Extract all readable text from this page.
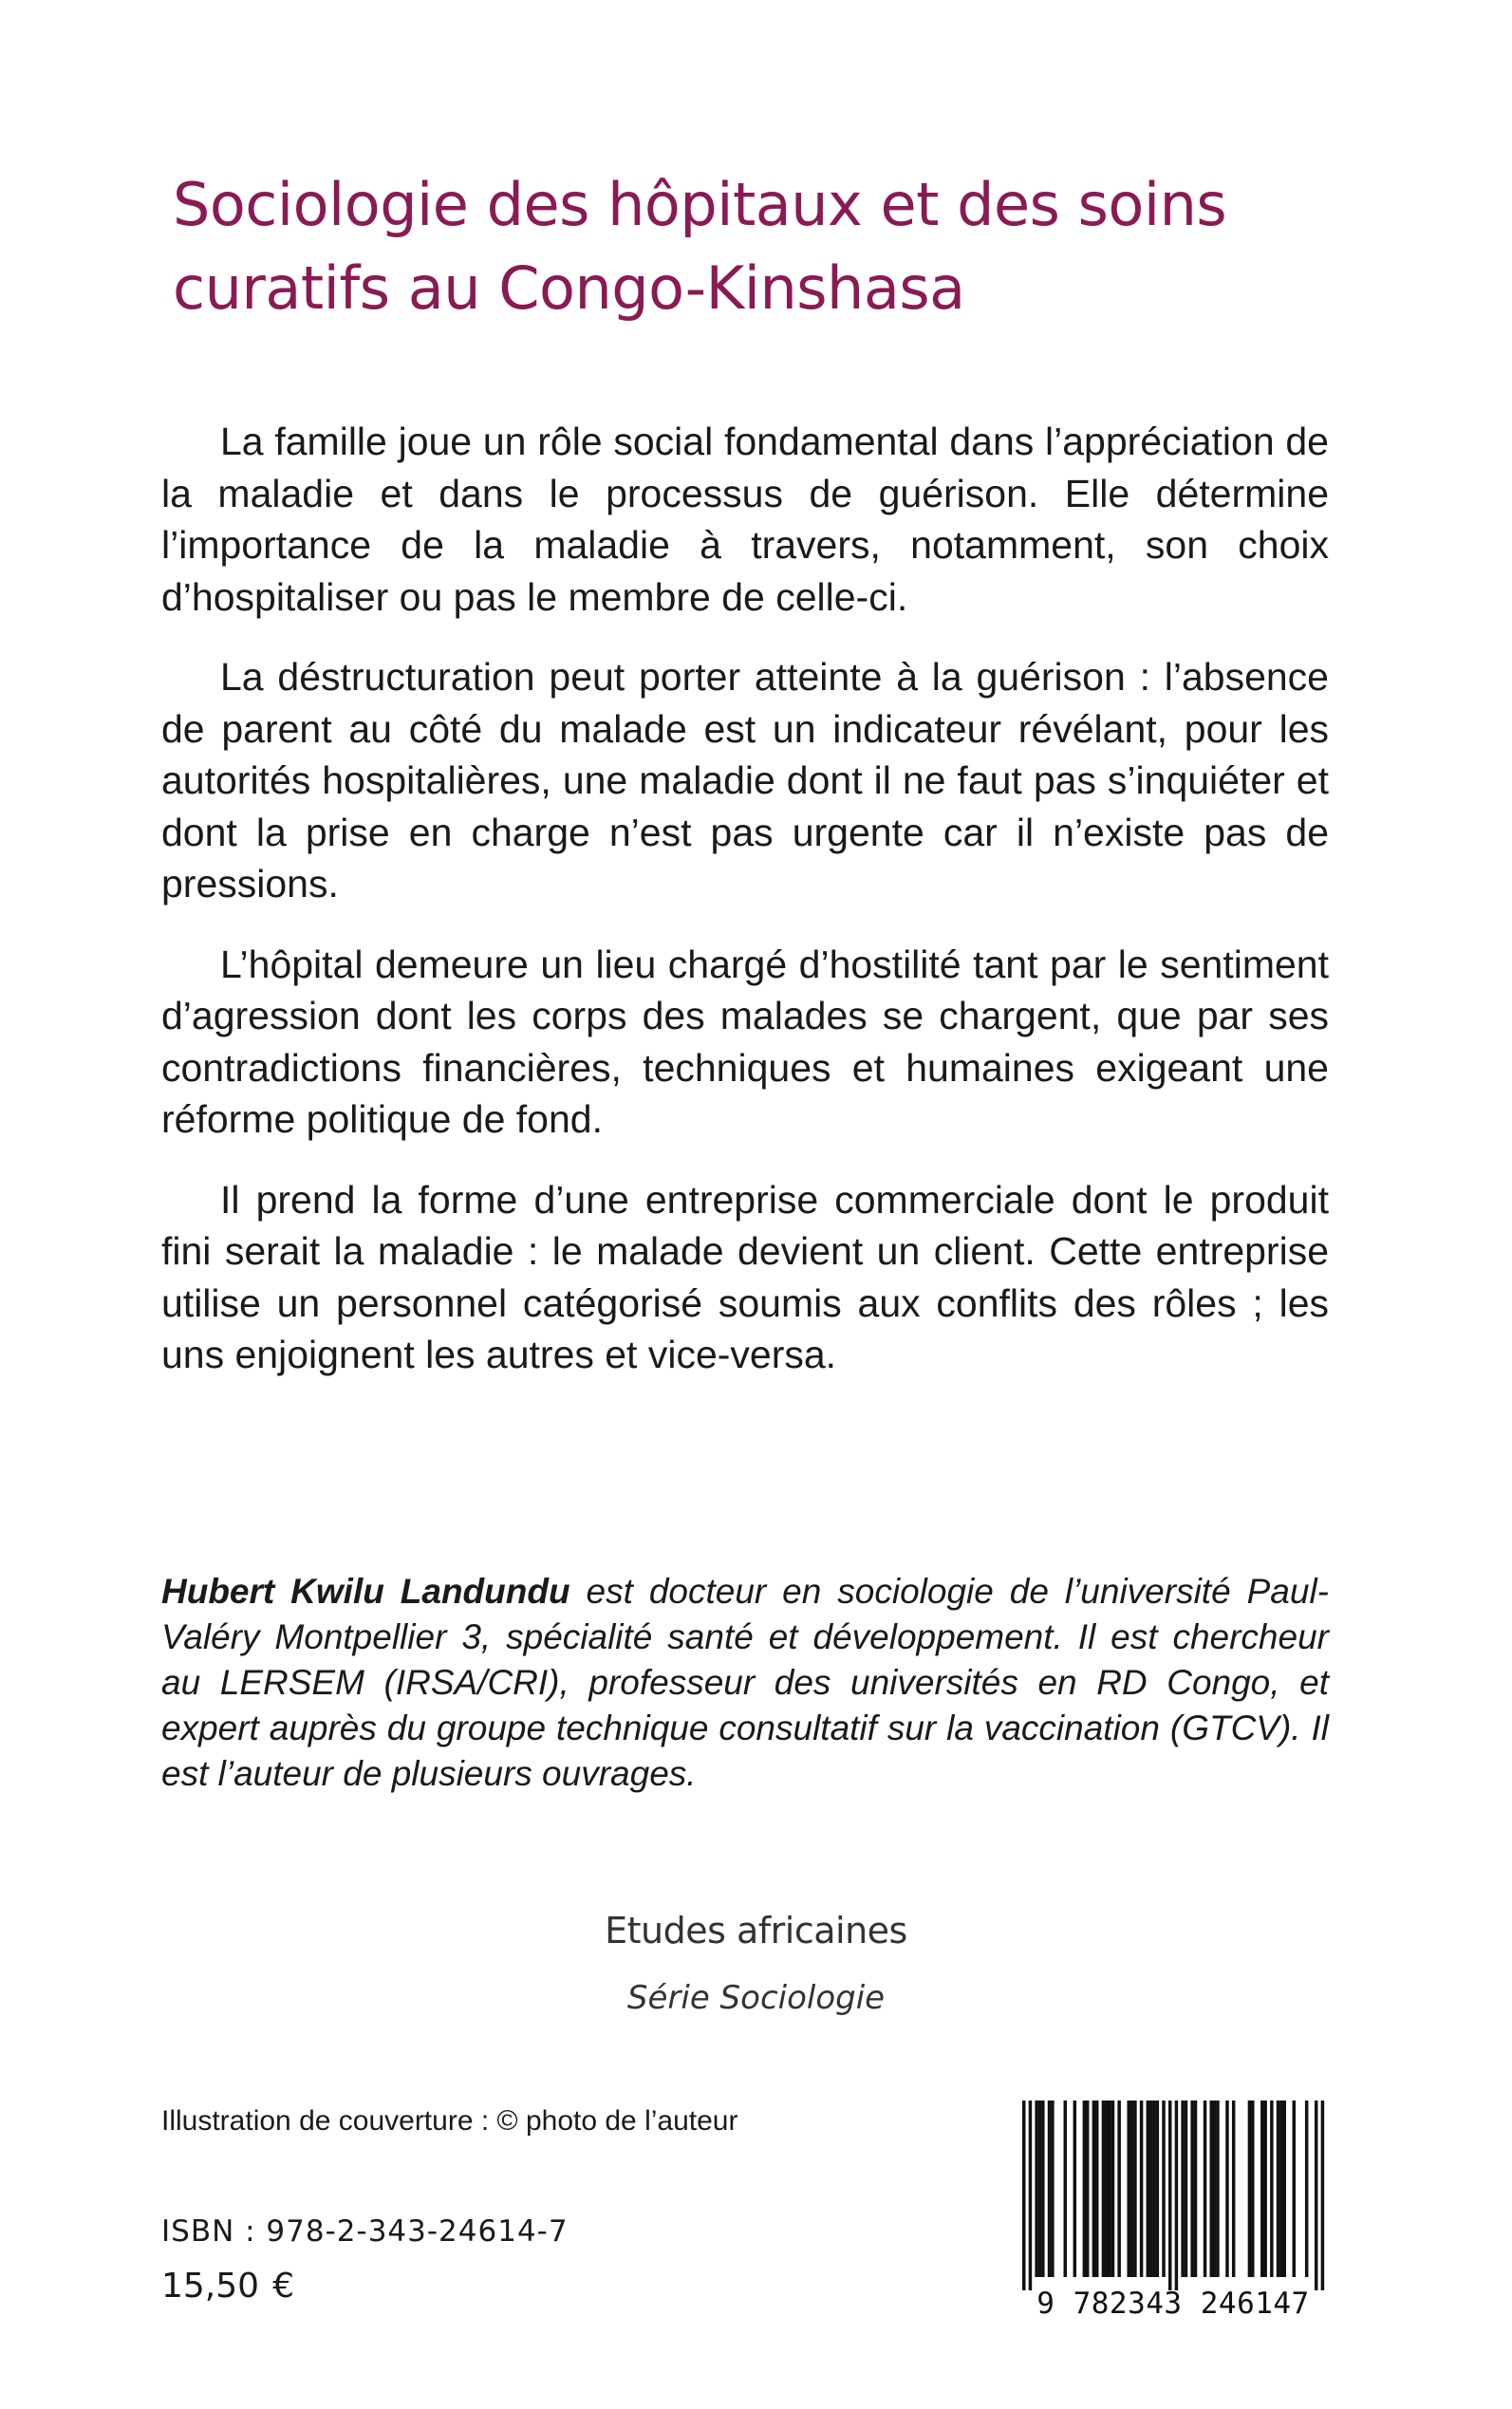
Sociologie des hôpitaux et des soins
curatifs au Congo-Kinshasa

La famille joue un rôle social fondamental dans l’appréciation de la maladie et dans le processus de guérison. Elle détermine l’importance de la maladie à travers, notamment, son choix d’hospitaliser ou pas le membre de celle-ci.

La déstructuration peut porter atteinte à la guérison : l’absence de parent au côté du malade est un indicateur révélant, pour les autorités hospitalières, une maladie dont il ne faut pas s’inquiéter et dont la prise en charge n’est pas urgente car il n’existe pas de pressions.

L’hôpital demeure un lieu chargé d’hostilité tant par le sentiment d’agression dont les corps des malades se chargent, que par ses contradictions financières, techniques et humaines exigeant une réforme politique de fond.

Il prend la forme d’une entreprise commerciale dont le produit fini serait la maladie : le malade devient un client. Cette entreprise utilise un personnel catégorisé soumis aux conflits des rôles ; les uns enjoignent les autres et vice-versa.

Hubert Kwilu Landundu est docteur en sociologie de l’université Paul-Valéry Montpellier 3, spécialité santé et développement. Il est chercheur au LERSEM (IRSA/CRI), professeur des universités en RD Congo, et expert auprès du groupe technique consultatif sur la vaccination (GTCV). Il est l’auteur de plusieurs ouvrages.

Etudes africaines
Série Sociologie
Illustration de couverture : © photo de l’auteur
ISBN : 978-2-343-24614-7
15,50 €	9 782343 246147
